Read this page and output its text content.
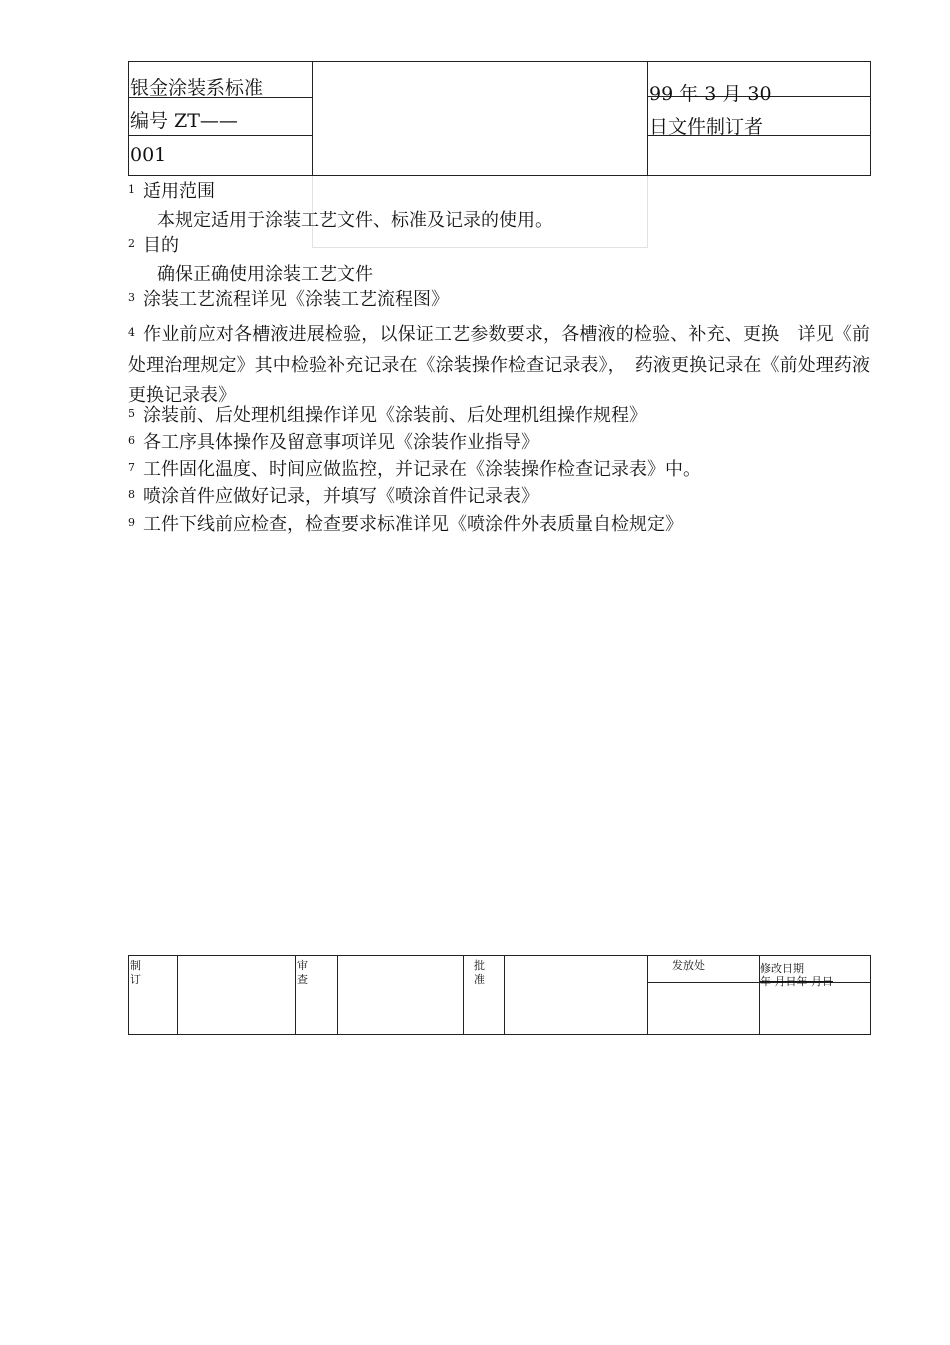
银金涂装系标准
编号 ZT——
001
99 年 3 月 30
日文件制订者
$^1$ 适用范围
本规定适用于涂装工艺文件、标准及记录的使用。
$^2$ 目的
确保正确使用涂装工艺文件
$^3$ 涂装工艺流程详见《涂装工艺流程图》
$^4$ 作业前应对各槽液进展检验，以保证工艺参数要求，各槽液的检验、补充、更换　详见《前处理治理规定》其中检验补充记录在《涂装操作检查记录表》，　药液更换记录在《前处理药液更换记录表》
$^5$ 涂装前、后处理机组操作详见《涂装前、后处理机组操作规程》
$^6$ 各工序具体操作及留意事项详见《涂装作业指导》
$^7$ 工件固化温度、时间应做监控，并记录在《涂装操作检查记录表》中。
$^8$ 喷涂首件应做好记录，并填写《喷涂首件记录表》
$^9$ 工件下线前应检查，检查要求标准详见《喷涂件外表质量自检规定》
制
订
审
查
批
准
发放处	修改日期
年 月日年 月日
